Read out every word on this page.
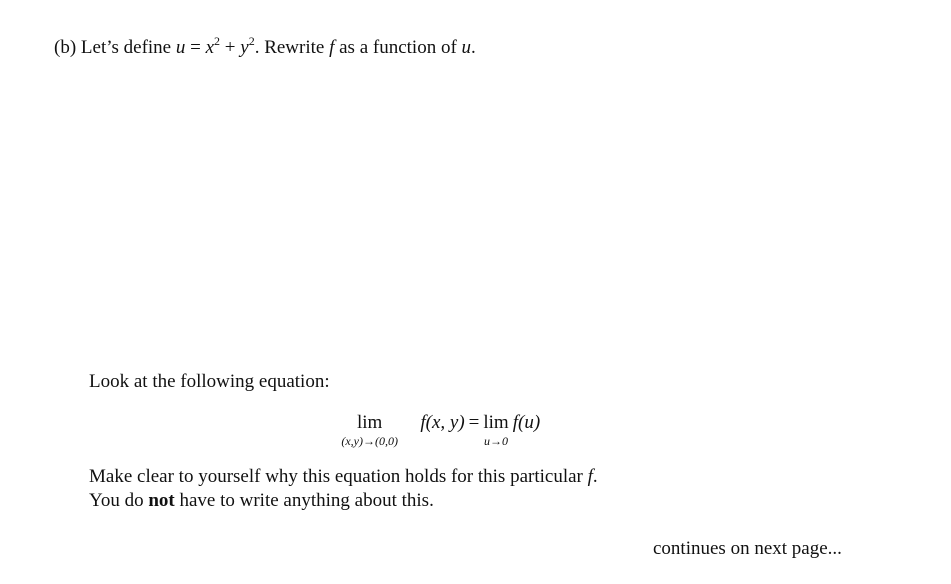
(b) Let’s define $u = x^2 + y^2$. Rewrite f as a function of u.
Look at the following equation:
lim
(x,y)→(0,0)
f(x, y) = lim
u→0
f(u)
Make clear to yourself why this equation holds for this particular f.
You do not have to write anything about this.
continues on next page...
